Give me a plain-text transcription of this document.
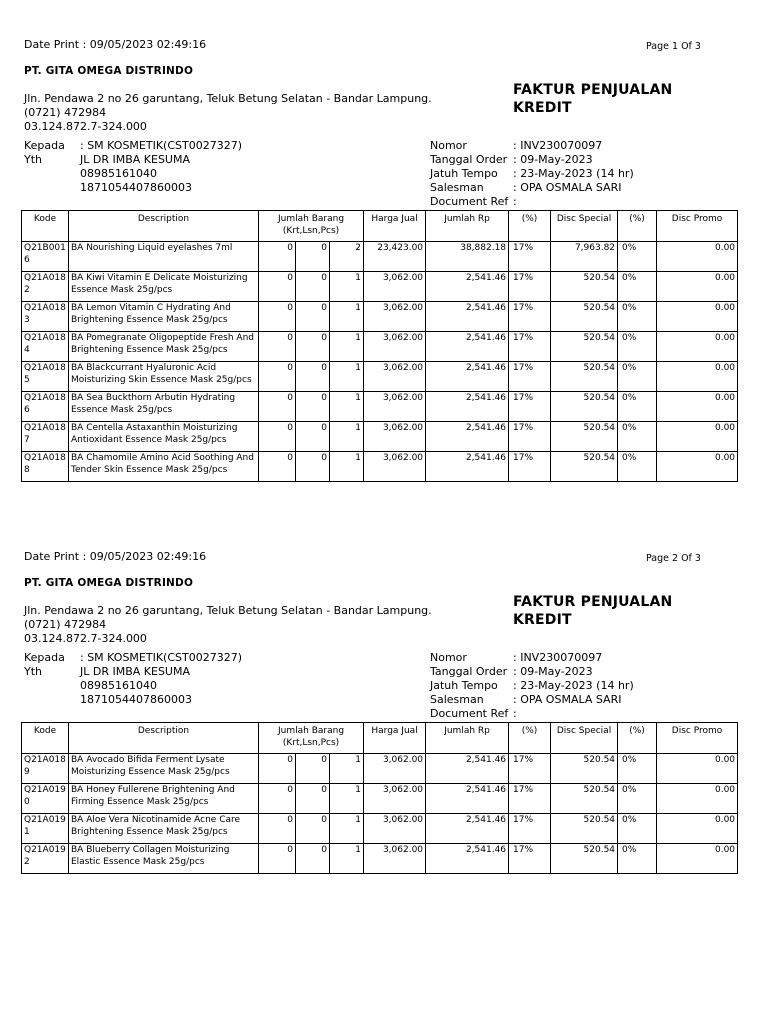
Date Print : 09/05/2023 02:49:16	Page 1 Of 3
PT. GITA OMEGA DISTRINDO
Jln. Pendawa 2 no 26 garuntang, Teluk Betung Selatan - Bandar Lampung.
(0721) 472984
03.124.872.7-324.000
FAKTUR PENJUALAN
KREDIT
Kepada : SM KOSMETIK(CST0027327)
Yth	JL DR IMBA KESUMA
08985161040
1871054407860003
Nomor	: INV230070097
Tanggal Order : 09-May-2023
Jatuh Tempo : 23-May-2023 (14 hr)
Salesman	: OPA OSMALA SARI
Document Ref :
Kode	Description	Jumlah Barang (Krt,Lsn,Pcs)			Harga Jual	Jumlah Rp	(%)	Disc Special	(%)	Disc Promo
Q21B0016	BA Nourishing Liquid eyelashes 7ml	0	0	2	23,423.00	38,882.18	17%	7,963.82	0%	0.00
Q21A0182	BA Kiwi Vitamin E Delicate Moisturizing Essence Mask 25g/pcs	0	0	1	3,062.00	2,541.46	17%	520.54	0%	0.00
Q21A0183	BA Lemon Vitamin C Hydrating And Brightening Essence Mask 25g/pcs	0	0	1	3,062.00	2,541.46	17%	520.54	0%	0.00
Q21A0184	BA Pomegranate Oligopeptide Fresh And Brightening Essence Mask 25g/pcs	0	0	1	3,062.00	2,541.46	17%	520.54	0%	0.00
Q21A0185	BA Blackcurrant Hyaluronic Acid Moisturizing Skin Essence Mask 25g/pcs	0	0	1	3,062.00	2,541.46	17%	520.54	0%	0.00
Q21A0186	BA Sea Buckthorn Arbutin Hydrating Essence Mask 25g/pcs	0	0	1	3,062.00	2,541.46	17%	520.54	0%	0.00
Q21A0187	BA Centella Astaxanthin Moisturizing Antioxidant Essence Mask 25g/pcs	0	0	1	3,062.00	2,541.46	17%	520.54	0%	0.00
Q21A0188	BA Chamomile Amino Acid Soothing And Tender Skin Essence Mask 25g/pcs	0	0	1	3,062.00	2,541.46	17%	520.54	0%	0.00
Date Print : 09/05/2023 02:49:16	Page 2 Of 3
PT. GITA OMEGA DISTRINDO
Jln. Pendawa 2 no 26 garuntang, Teluk Betung Selatan - Bandar Lampung.
(0721) 472984
03.124.872.7-324.000
FAKTUR PENJUALAN
KREDIT
Kepada : SM KOSMETIK(CST0027327)
Yth	JL DR IMBA KESUMA
08985161040
1871054407860003
Nomor	: INV230070097
Tanggal Order : 09-May-2023
Jatuh Tempo : 23-May-2023 (14 hr)
Salesman	: OPA OSMALA SARI
Document Ref :
Kode	Description	Jumlah Barang (Krt,Lsn,Pcs)			Harga Jual	Jumlah Rp	(%)	Disc Special	(%)	Disc Promo
Q21A0189	BA Avocado Bifida Ferment Lysate Moisturizing Essence Mask 25g/pcs	0	0	1	3,062.00	2,541.46	17%	520.54	0%	0.00
Q21A0190	BA Honey Fullerene Brightening And Firming Essence Mask 25g/pcs	0	0	1	3,062.00	2,541.46	17%	520.54	0%	0.00
Q21A0191	BA Aloe Vera Nicotinamide Acne Care Brightening Essence Mask 25g/pcs	0	0	1	3,062.00	2,541.46	17%	520.54	0%	0.00
Q21A0192	BA Blueberry Collagen Moisturizing Elastic Essence Mask 25g/pcs	0	0	1	3,062.00	2,541.46	17%	520.54	0%	0.00
